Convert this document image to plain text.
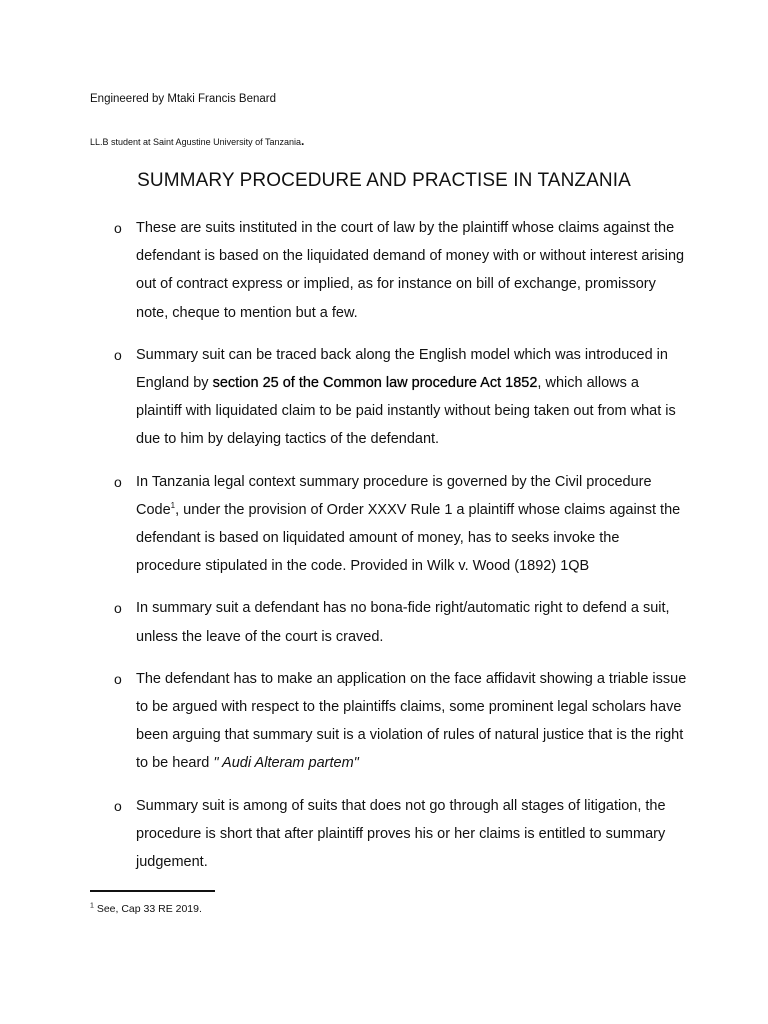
Engineered by Mtaki Francis Benard

LL.B student at Saint Agustine University of Tanzania.

SUMMARY PROCEDURE AND PRACTISE IN TANZANIA
o These are suits instituted in the court of law by the plaintiff whose claims against the defendant is based on the liquidated demand of money with or without interest arising out of contract express or implied, as for instance on bill of exchange, promissory note, cheque to mention but a few.
o Summary suit can be traced back along the English model which was introduced in England by section 25 of the Common law procedure Act 1852, which allows a plaintiff with liquidated claim to be paid instantly without being taken out from what is due to him by delaying tactics of the defendant.
o In Tanzania legal context summary procedure is governed by the Civil procedure Code$^1$, under the provision of Order XXXV Rule 1 a plaintiff whose claims against the defendant is based on liquidated amount of money, has to seeks invoke the procedure stipulated in the code. Provided in Wilk v. Wood (1892) 1QB
o In summary suit a defendant has no bona-fide right/automatic right to defend a suit, unless the leave of the court is craved.
o The defendant has to make an application on the face affidavit showing a triable issue to be argued with respect to the plaintiffs claims, some prominent legal scholars have been arguing that summary suit is a violation of rules of natural justice that is the right to be heard " Audi Alteram partem"
o Summary suit is among of suits that does not go through all stages of litigation, the procedure is short that after plaintiff proves his or her claims is entitled to summary judgement.

$^1$ See, Cap 33 RE 2019.
